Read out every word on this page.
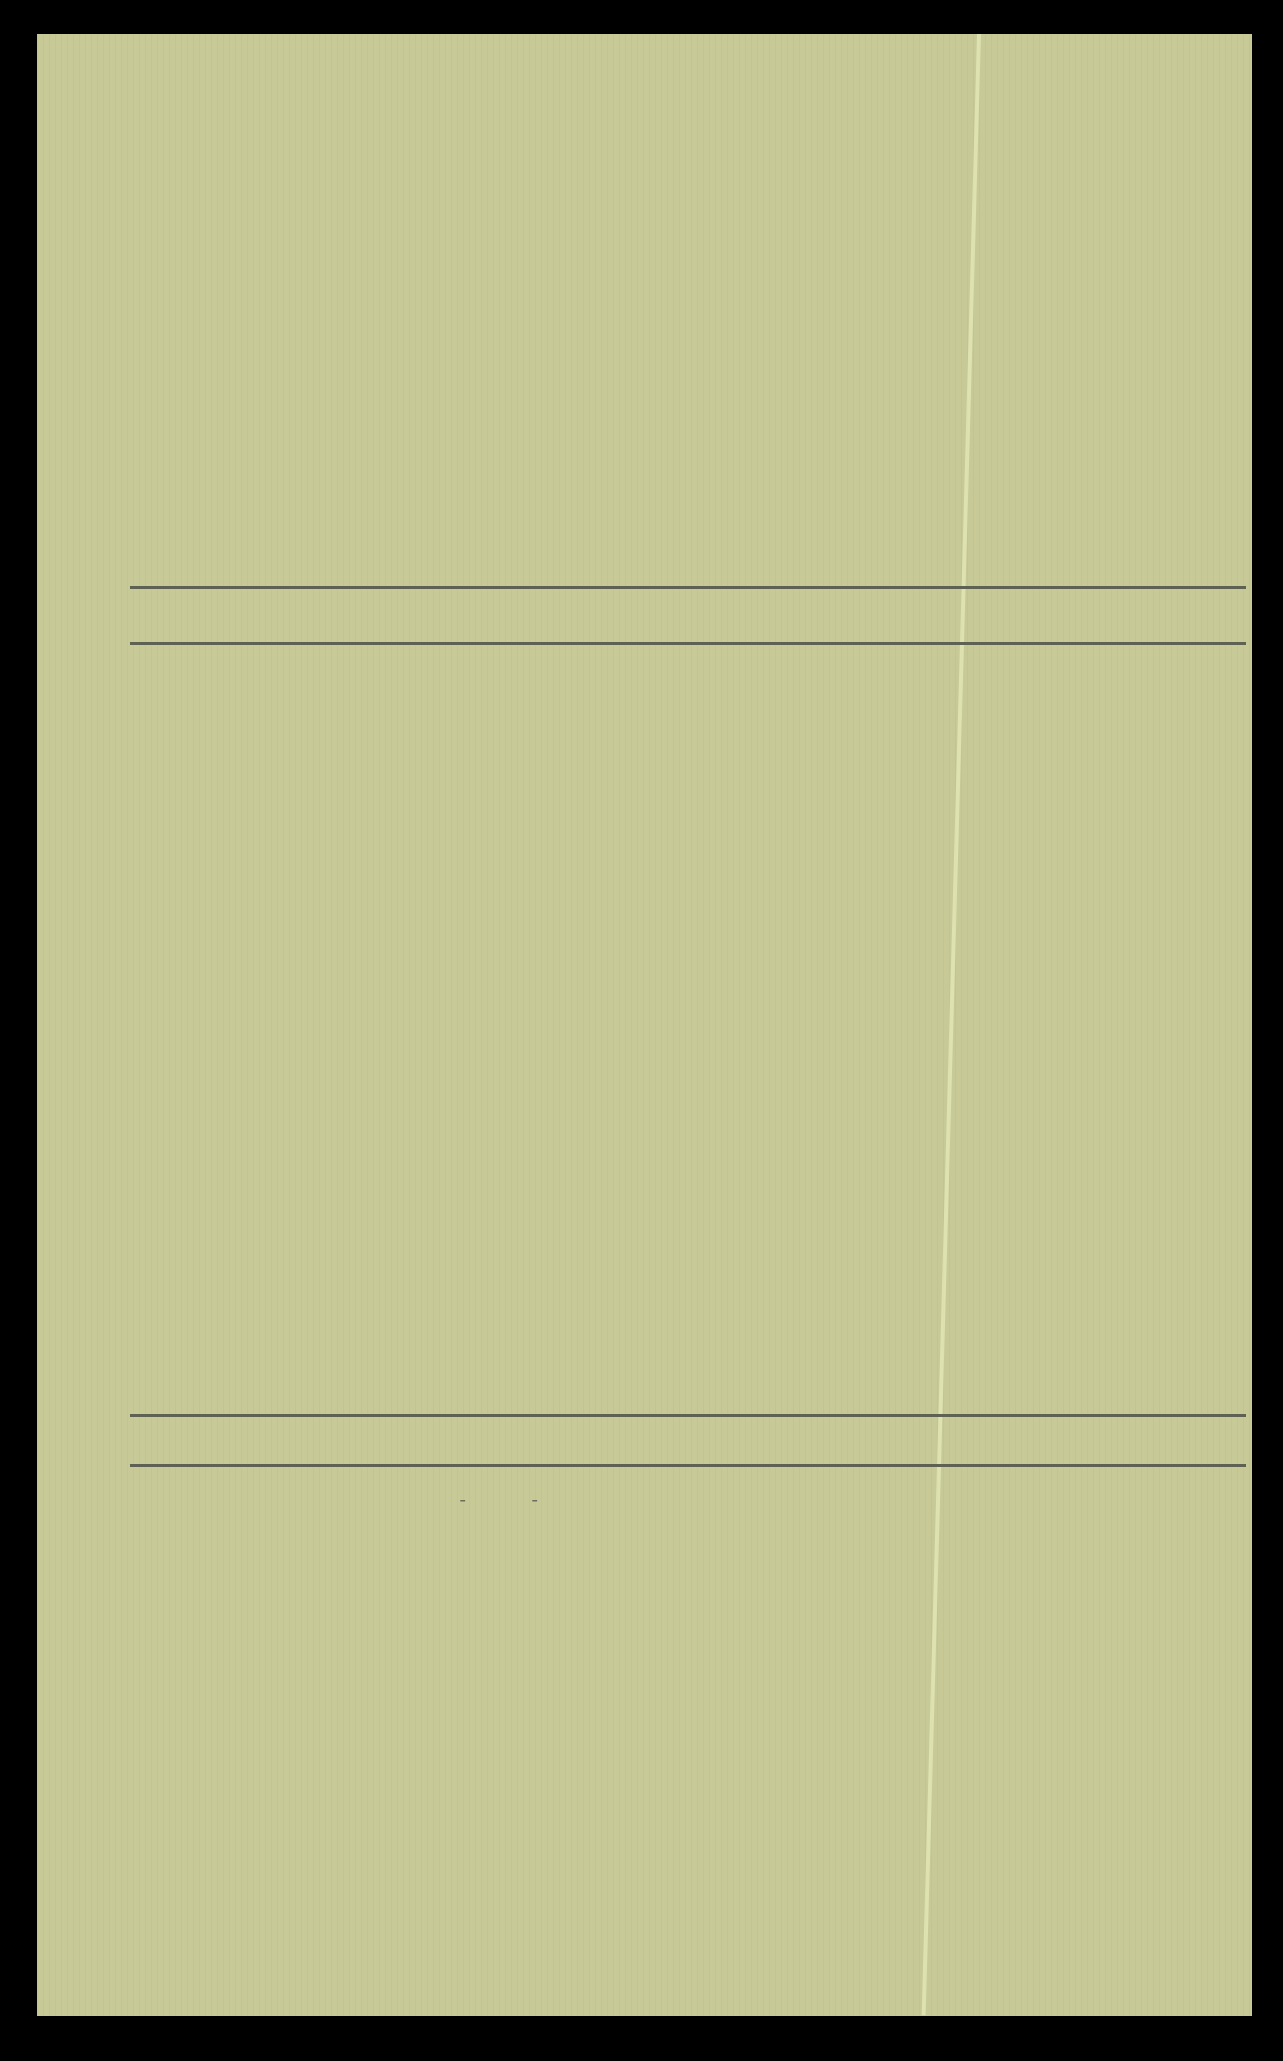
-	-
